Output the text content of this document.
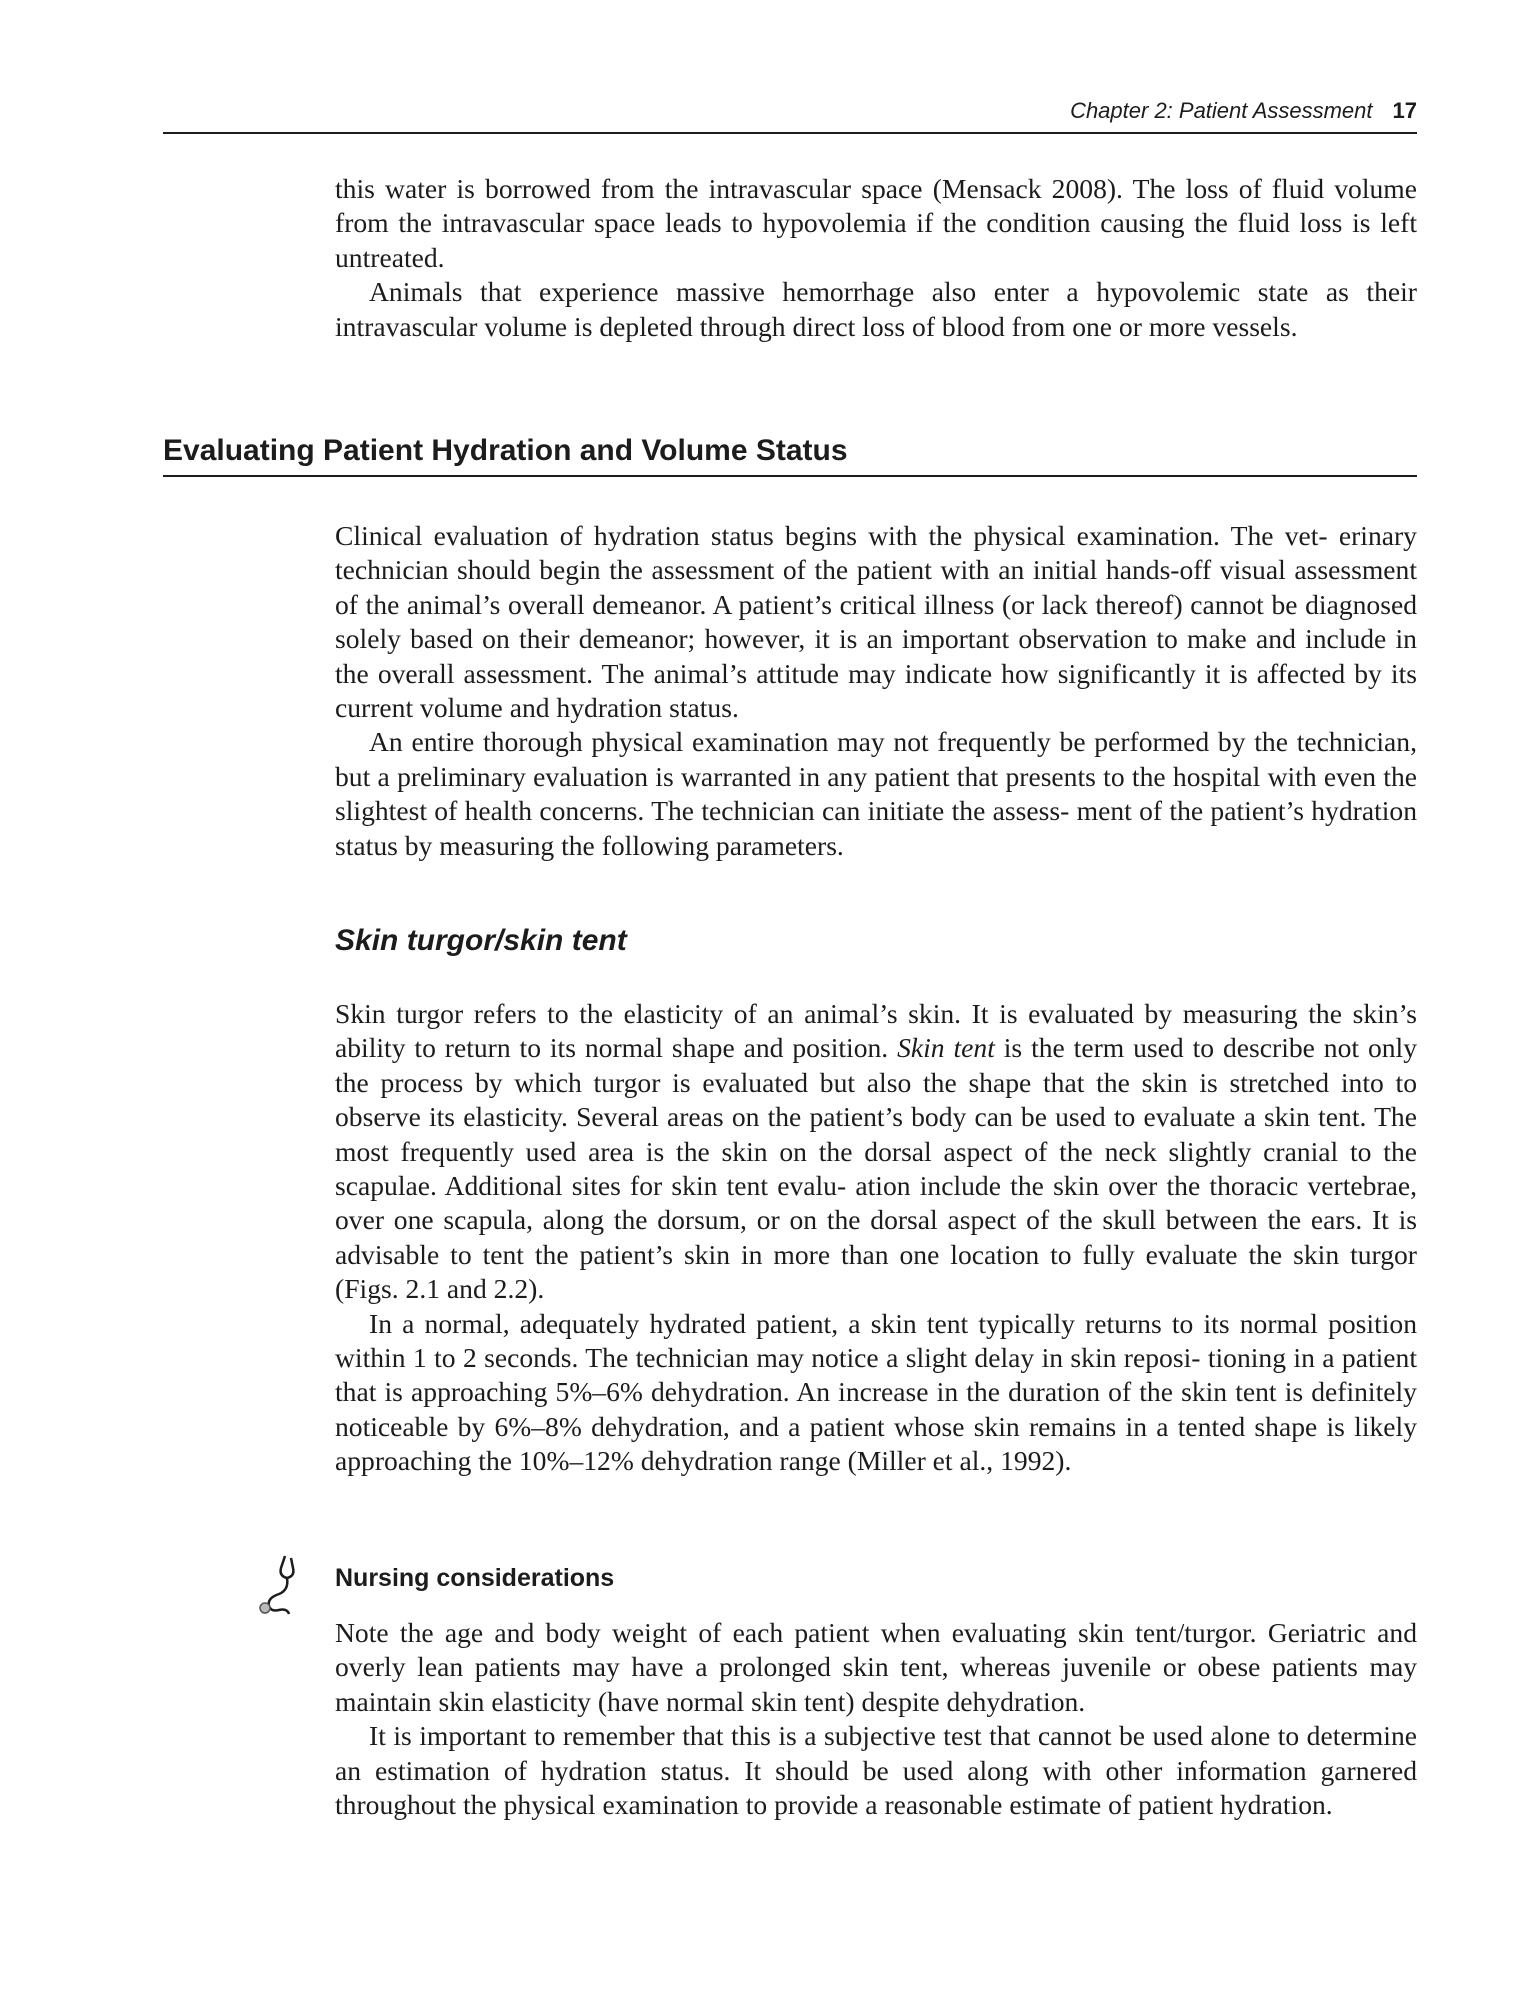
Chapter 2: Patient Assessment 17

this water is borrowed from the intravascular space (Mensack 2008). The loss of fluid volume from the intravascular space leads to hypovolemia if the condition causing the fluid loss is left untreated.

Animals that experience massive hemorrhage also enter a hypovolemic state as their intravascular volume is depleted through direct loss of blood from one or more vessels.

Evaluating Patient Hydration and Volume Status

Clinical evaluation of hydration status begins with the physical examination. The vet- erinary technician should begin the assessment of the patient with an initial hands-off visual assessment of the animal’s overall demeanor. A patient’s critical illness (or lack thereof) cannot be diagnosed solely based on their demeanor; however, it is an important observation to make and include in the overall assessment. The animal’s attitude may indicate how significantly it is affected by its current volume and hydration status.

An entire thorough physical examination may not frequently be performed by the technician, but a preliminary evaluation is warranted in any patient that presents to the hospital with even the slightest of health concerns. The technician can initiate the assess- ment of the patient’s hydration status by measuring the following parameters.

Skin turgor/skin tent

Skin turgor refers to the elasticity of an animal’s skin. It is evaluated by measuring the skin’s ability to return to its normal shape and position. Skin tent is the term used to describe not only the process by which turgor is evaluated but also the shape that the skin is stretched into to observe its elasticity. Several areas on the patient’s body can be used to evaluate a skin tent. The most frequently used area is the skin on the dorsal aspect of the neck slightly cranial to the scapulae. Additional sites for skin tent evalu- ation include the skin over the thoracic vertebrae, over one scapula, along the dorsum, or on the dorsal aspect of the skull between the ears. It is advisable to tent the patient’s skin in more than one location to fully evaluate the skin turgor (Figs. 2.1 and 2.2).

In a normal, adequately hydrated patient, a skin tent typically returns to its normal position within 1 to 2 seconds. The technician may notice a slight delay in skin reposi- tioning in a patient that is approaching 5%–6% dehydration. An increase in the duration of the skin tent is definitely noticeable by 6%–8% dehydration, and a patient whose skin remains in a tented shape is likely approaching the 10%–12% dehydration range (Miller et al., 1992).

Nursing considerations

Note the age and body weight of each patient when evaluating skin tent/turgor. Geriatric and overly lean patients may have a prolonged skin tent, whereas juvenile or obese patients may maintain skin elasticity (have normal skin tent) despite dehydration.

It is important to remember that this is a subjective test that cannot be used alone to determine an estimation of hydration status. It should be used along with other information garnered throughout the physical examination to provide a reasonable estimate of patient hydration.
